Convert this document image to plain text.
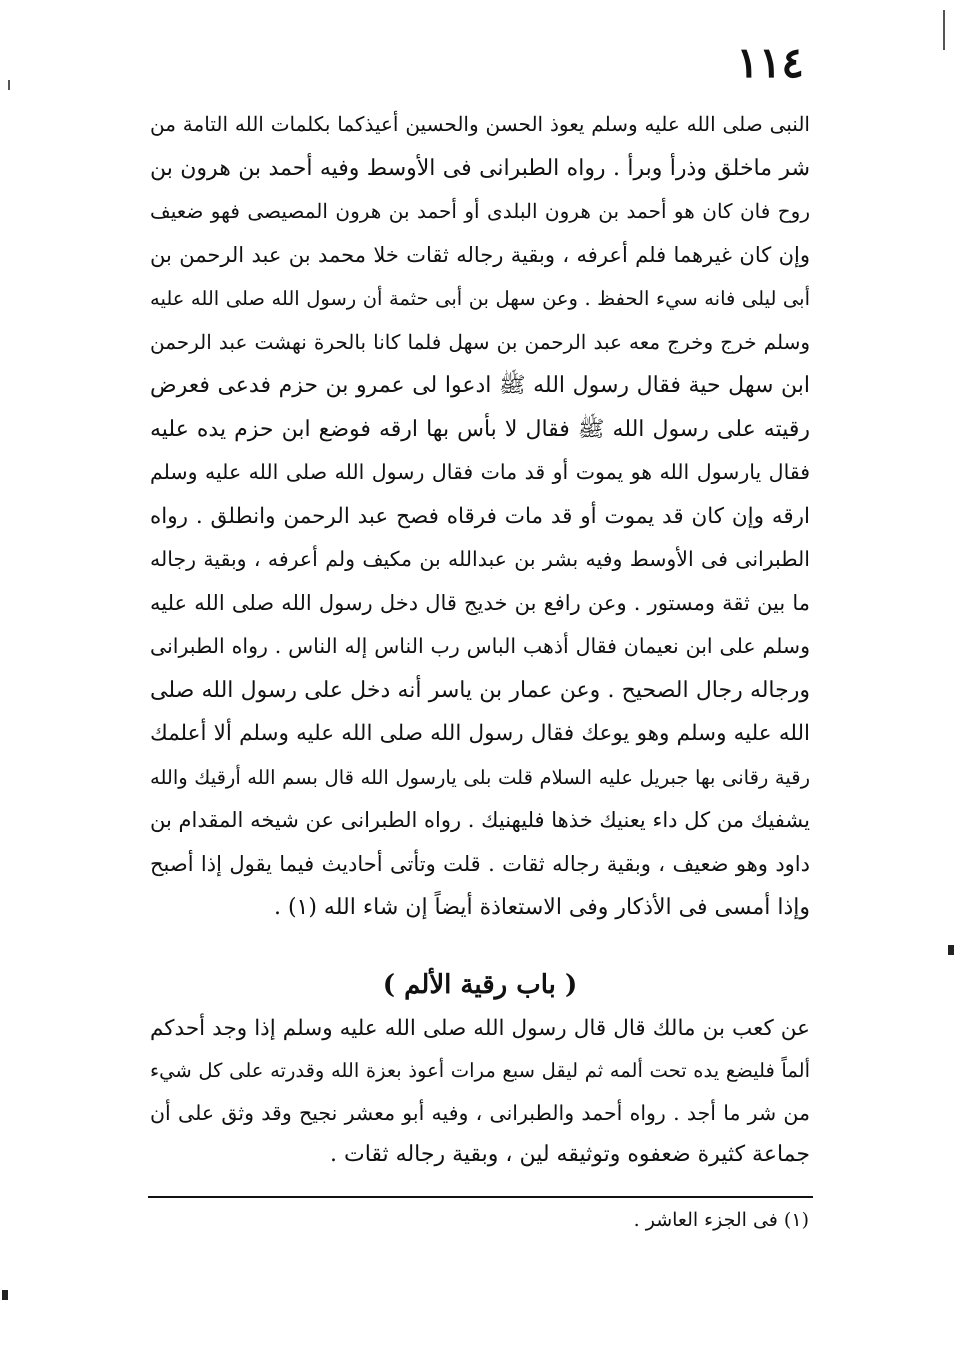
١١٤
النبى صلى الله عليه وسلم يعوذ الحسن والحسين أعيذكما بكلمات الله التامة من
شر ماخلق وذرأ وبرأ . رواه الطبرانى فى الأوسط وفيه أحمد بن هرون بن
روح فان كان هو أحمد بن هرون البلدى أو أحمد بن هرون المصيصى فهو ضعيف
وإن كان غيرهما فلم أعرفه ، وبقية رجاله ثقات خلا محمد بن عبد الرحمن بن
أبى ليلى فانه سيء الحفظ . وعن سهل بن أبى حثمة أن رسول الله صلى الله عليه
وسلم خرج وخرج معه عبد الرحمن بن سهل فلما كانا بالحرة نهشت عبد الرحمن
ابن سهل حية فقال رسول الله ﷺ ادعوا لى عمرو بن حزم فدعى فعرض
رقيته على رسول الله ﷺ فقال لا بأس بها ارقه فوضع ابن حزم يده عليه
فقال يارسول الله هو يموت أو قد مات فقال رسول الله صلى الله عليه وسلم
ارقه وإن كان قد يموت أو قد مات فرقاه فصح عبد الرحمن وانطلق . رواه
الطبرانى فى الأوسط وفيه بشر بن عبدالله بن مكيف ولم أعرفه ، وبقية رجاله
ما بين ثقة ومستور . وعن رافع بن خديج قال دخل رسول الله صلى الله عليه
وسلم على ابن نعيمان فقال أذهب الباس رب الناس إله الناس . رواه الطبرانى
ورجاله رجال الصحيح . وعن عمار بن ياسر أنه دخل على رسول الله صلى
الله عليه وسلم وهو يوعك فقال رسول الله صلى الله عليه وسلم ألا أعلمك
رقية رقانى بها جبريل عليه السلام قلت بلى يارسول الله قال بسم الله أرقيك والله
يشفيك من كل داء يعنيك خذها فليهنيك . رواه الطبرانى عن شيخه المقدام بن
داود وهو ضعيف ، وبقية رجاله ثقات . قلت وتأتى أحاديث فيما يقول إذا أصبح
وإذا أمسى فى الأذكار وفى الاستعاذة أيضاً إن شاء الله (١) .
( باب رقية الألم )
عن كعب بن مالك قال قال رسول الله صلى الله عليه وسلم إذا وجد أحدكم
ألماً فليضع يده تحت ألمه ثم ليقل سبع مرات أعوذ بعزة الله وقدرته على كل شيء
من شر ما أجد . رواه أحمد والطبرانى ، وفيه أبو معشر نجيح وقد وثق على أن
جماعة كثيرة ضعفوه وتوثيقه لين ، وبقية رجاله ثقات .
(١) فى الجزء العاشر .
